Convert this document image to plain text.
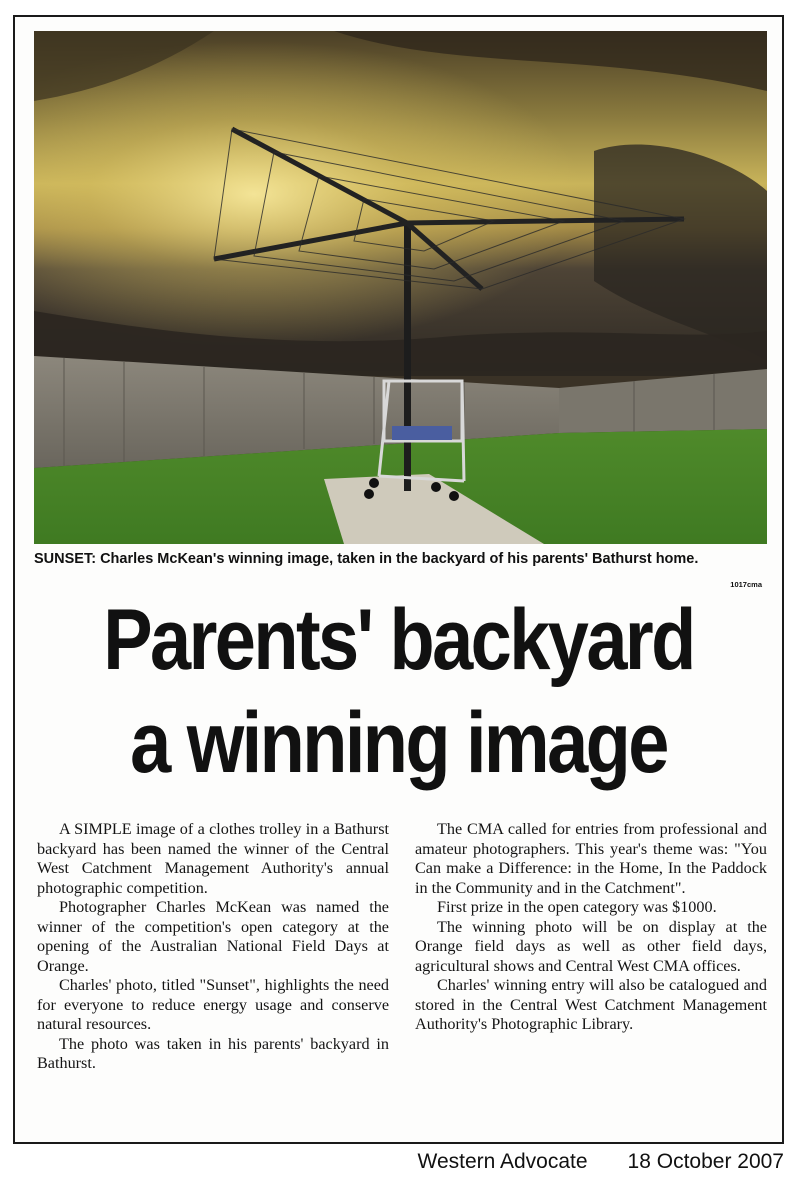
SUNSET: Charles McKean's winning image, taken in the backyard of his parents' Bathurst home.
1017cma
Parents' backyard
a winning image

A SIMPLE image of a clothes trolley in a Bathurst backyard has been named the winner of the Central West Catchment Management Authority's annual photographic competition.

Photographer Charles McKean was named the winner of the competition's open category at the opening of the Australian National Field Days at Orange.

Charles' photo, titled "Sunset", highlights the need for everyone to reduce energy usage and conserve natural resources.

The photo was taken in his parents' backyard in Bathurst.

The CMA called for entries from professional and amateur photographers. This year's theme was: "You Can make a Difference: in the Home, In the Paddock in the Community and in the Catchment".

First prize in the open category was $1000.

The winning photo will be on display at the Orange field days as well as other field days, agricultural shows and Central West CMA offices.

Charles' winning entry will also be catalogued and stored in the Central West Catchment Management Authority's Photographic Library.

Western Advocate 18 October 2007
